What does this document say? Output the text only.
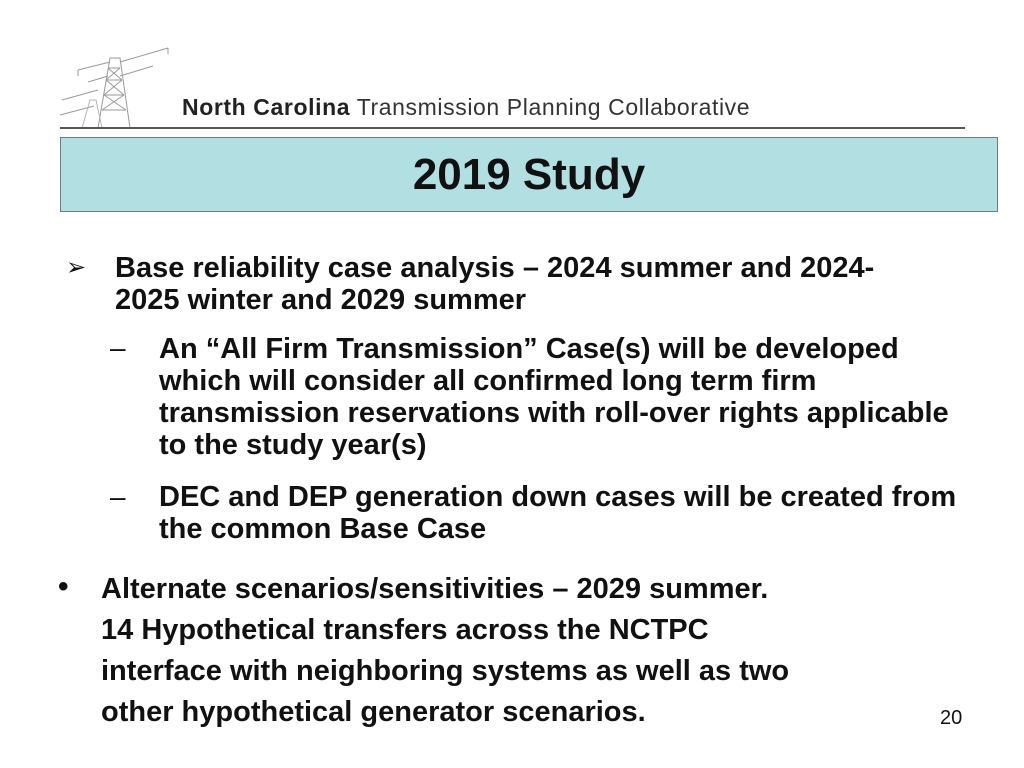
North Carolina Transmission Planning Collaborative
2019 Study
➢ Base reliability case analysis – 2024 summer and 2024-2025 winter and 2029 summer
– An “All Firm Transmission” Case(s) will be developed which will consider all confirmed long term firm transmission reservations with roll-over rights applicable to the study year(s)
– DEC and DEP generation down cases will be created from the common Base Case
• Alternate scenarios/sensitivities – 2029 summer.
14 Hypothetical transfers across the NCTPC
interface with neighboring systems as well as two
other hypothetical generator scenarios.	20
